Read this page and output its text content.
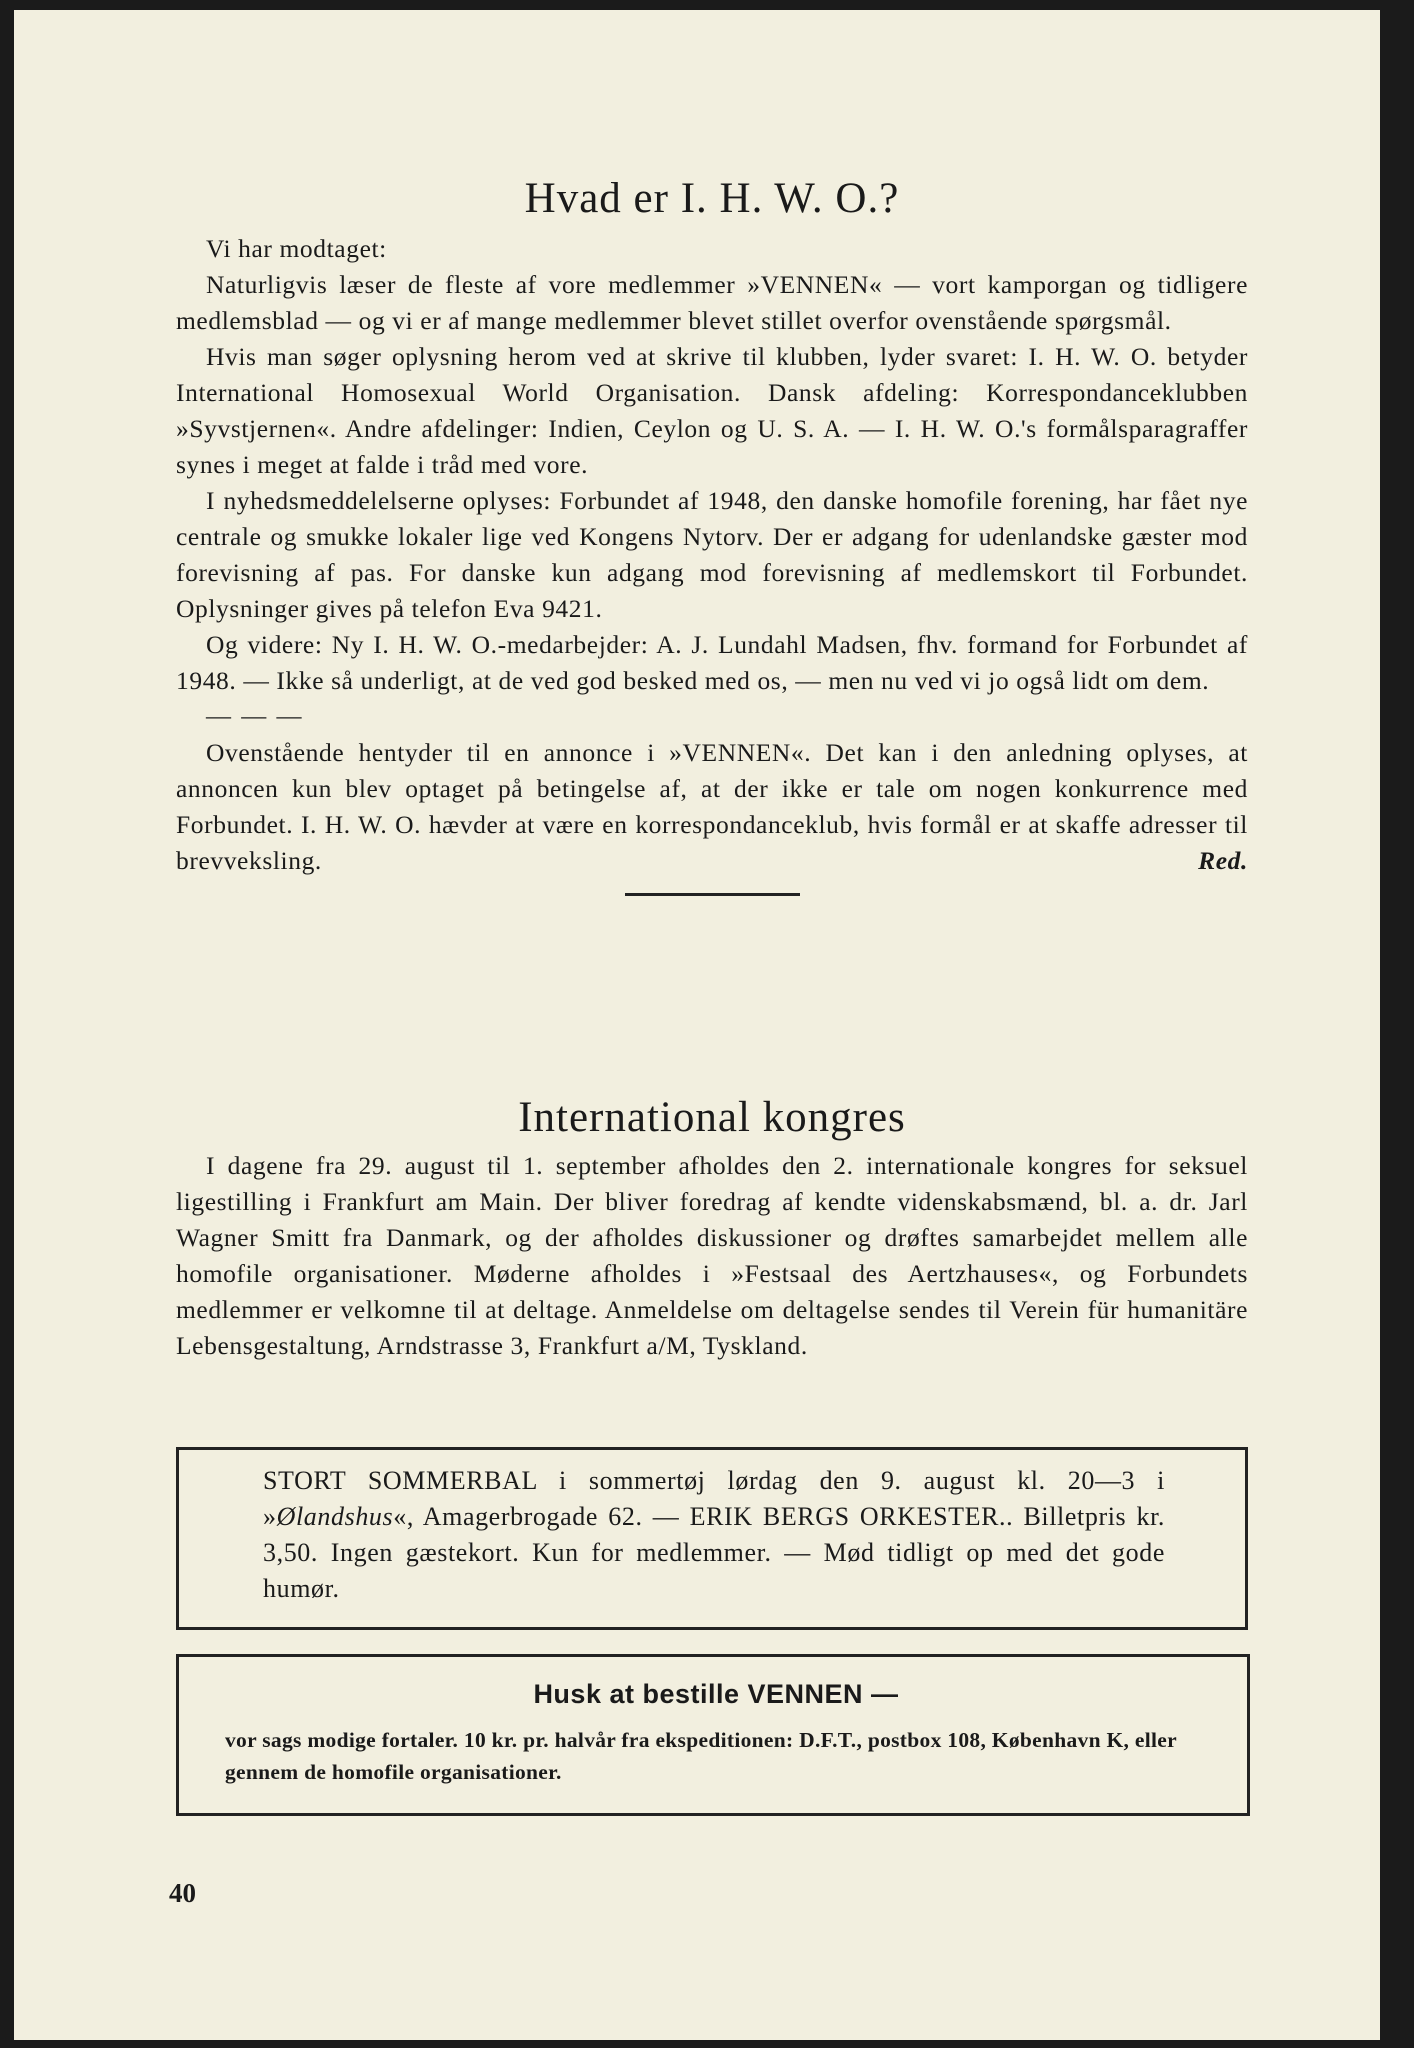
Hvad er I. H. W. O.?

Vi har modtaget:

Naturligvis læser de fleste af vore medlemmer »VENNEN« — vort kamporgan og tidligere medlemsblad — og vi er af mange medlemmer blevet stillet overfor ovenstående spørgsmål.

Hvis man søger oplysning herom ved at skrive til klubben, lyder svaret: I. H. W. O. betyder International Homosexual World Organisation. Dansk afdeling: Korrespondanceklubben »Syvstjernen«. Andre afdelinger: Indien, Ceylon og U. S. A. — I. H. W. O.'s formålsparagraffer synes i meget at falde i tråd med vore.

I nyhedsmeddelelserne oplyses: Forbundet af 1948, den danske homofile forening, har fået nye centrale og smukke lokaler lige ved Kongens Nytorv. Der er adgang for udenlandske gæster mod forevisning af pas. For danske kun adgang mod forevisning af medlemskort til Forbundet. Oplysninger gives på telefon Eva 9421.

Og videre: Ny I. H. W. O.-medarbejder: A. J. Lundahl Madsen, fhv. formand for Forbundet af 1948. — Ikke så underligt, at de ved god besked med os, — men nu ved vi jo også lidt om dem.

— — —

Ovenstående hentyder til en annonce i »VENNEN«. Det kan i den anledning oplyses, at annoncen kun blev optaget på betingelse af, at der ikke er tale om nogen konkurrence med Forbundet. I. H. W. O. hævder at være en korrespondanceklub, hvis formål er at skaffe adresser til brevveksling.	Red.

International kongres

I dagene fra 29. august til 1. september afholdes den 2. internationale kongres for seksuel ligestilling i Frankfurt am Main. Der bliver foredrag af kendte videnskabsmænd, bl. a. dr. Jarl Wagner Smitt fra Danmark, og der afholdes diskussioner og drøftes samarbejdet mellem alle homofile organisationer. Møderne afholdes i »Festsaal des Aertzhauses«, og Forbundets medlemmer er velkomne til at deltage. Anmeldelse om deltagelse sendes til Verein für humanitäre Lebensgestaltung, Arndstrasse 3, Frankfurt a/M, Tyskland.

STORT SOMMERBAL i sommertøj lørdag den 9. august kl. 20—3 i »Ølandshus«, Amagerbrogade 62. — ERIK BERGS ORKESTER.. Billetpris kr. 3,50. Ingen gæstekort. Kun for medlemmer. — Mød tidligt op med det gode humør.

Husk at bestille VENNEN —

vor sags modige fortaler. 10 kr. pr. halvår fra ekspeditionen: D.F.T., postbox 108, København K, eller gennem de homofile organisationer.

40
